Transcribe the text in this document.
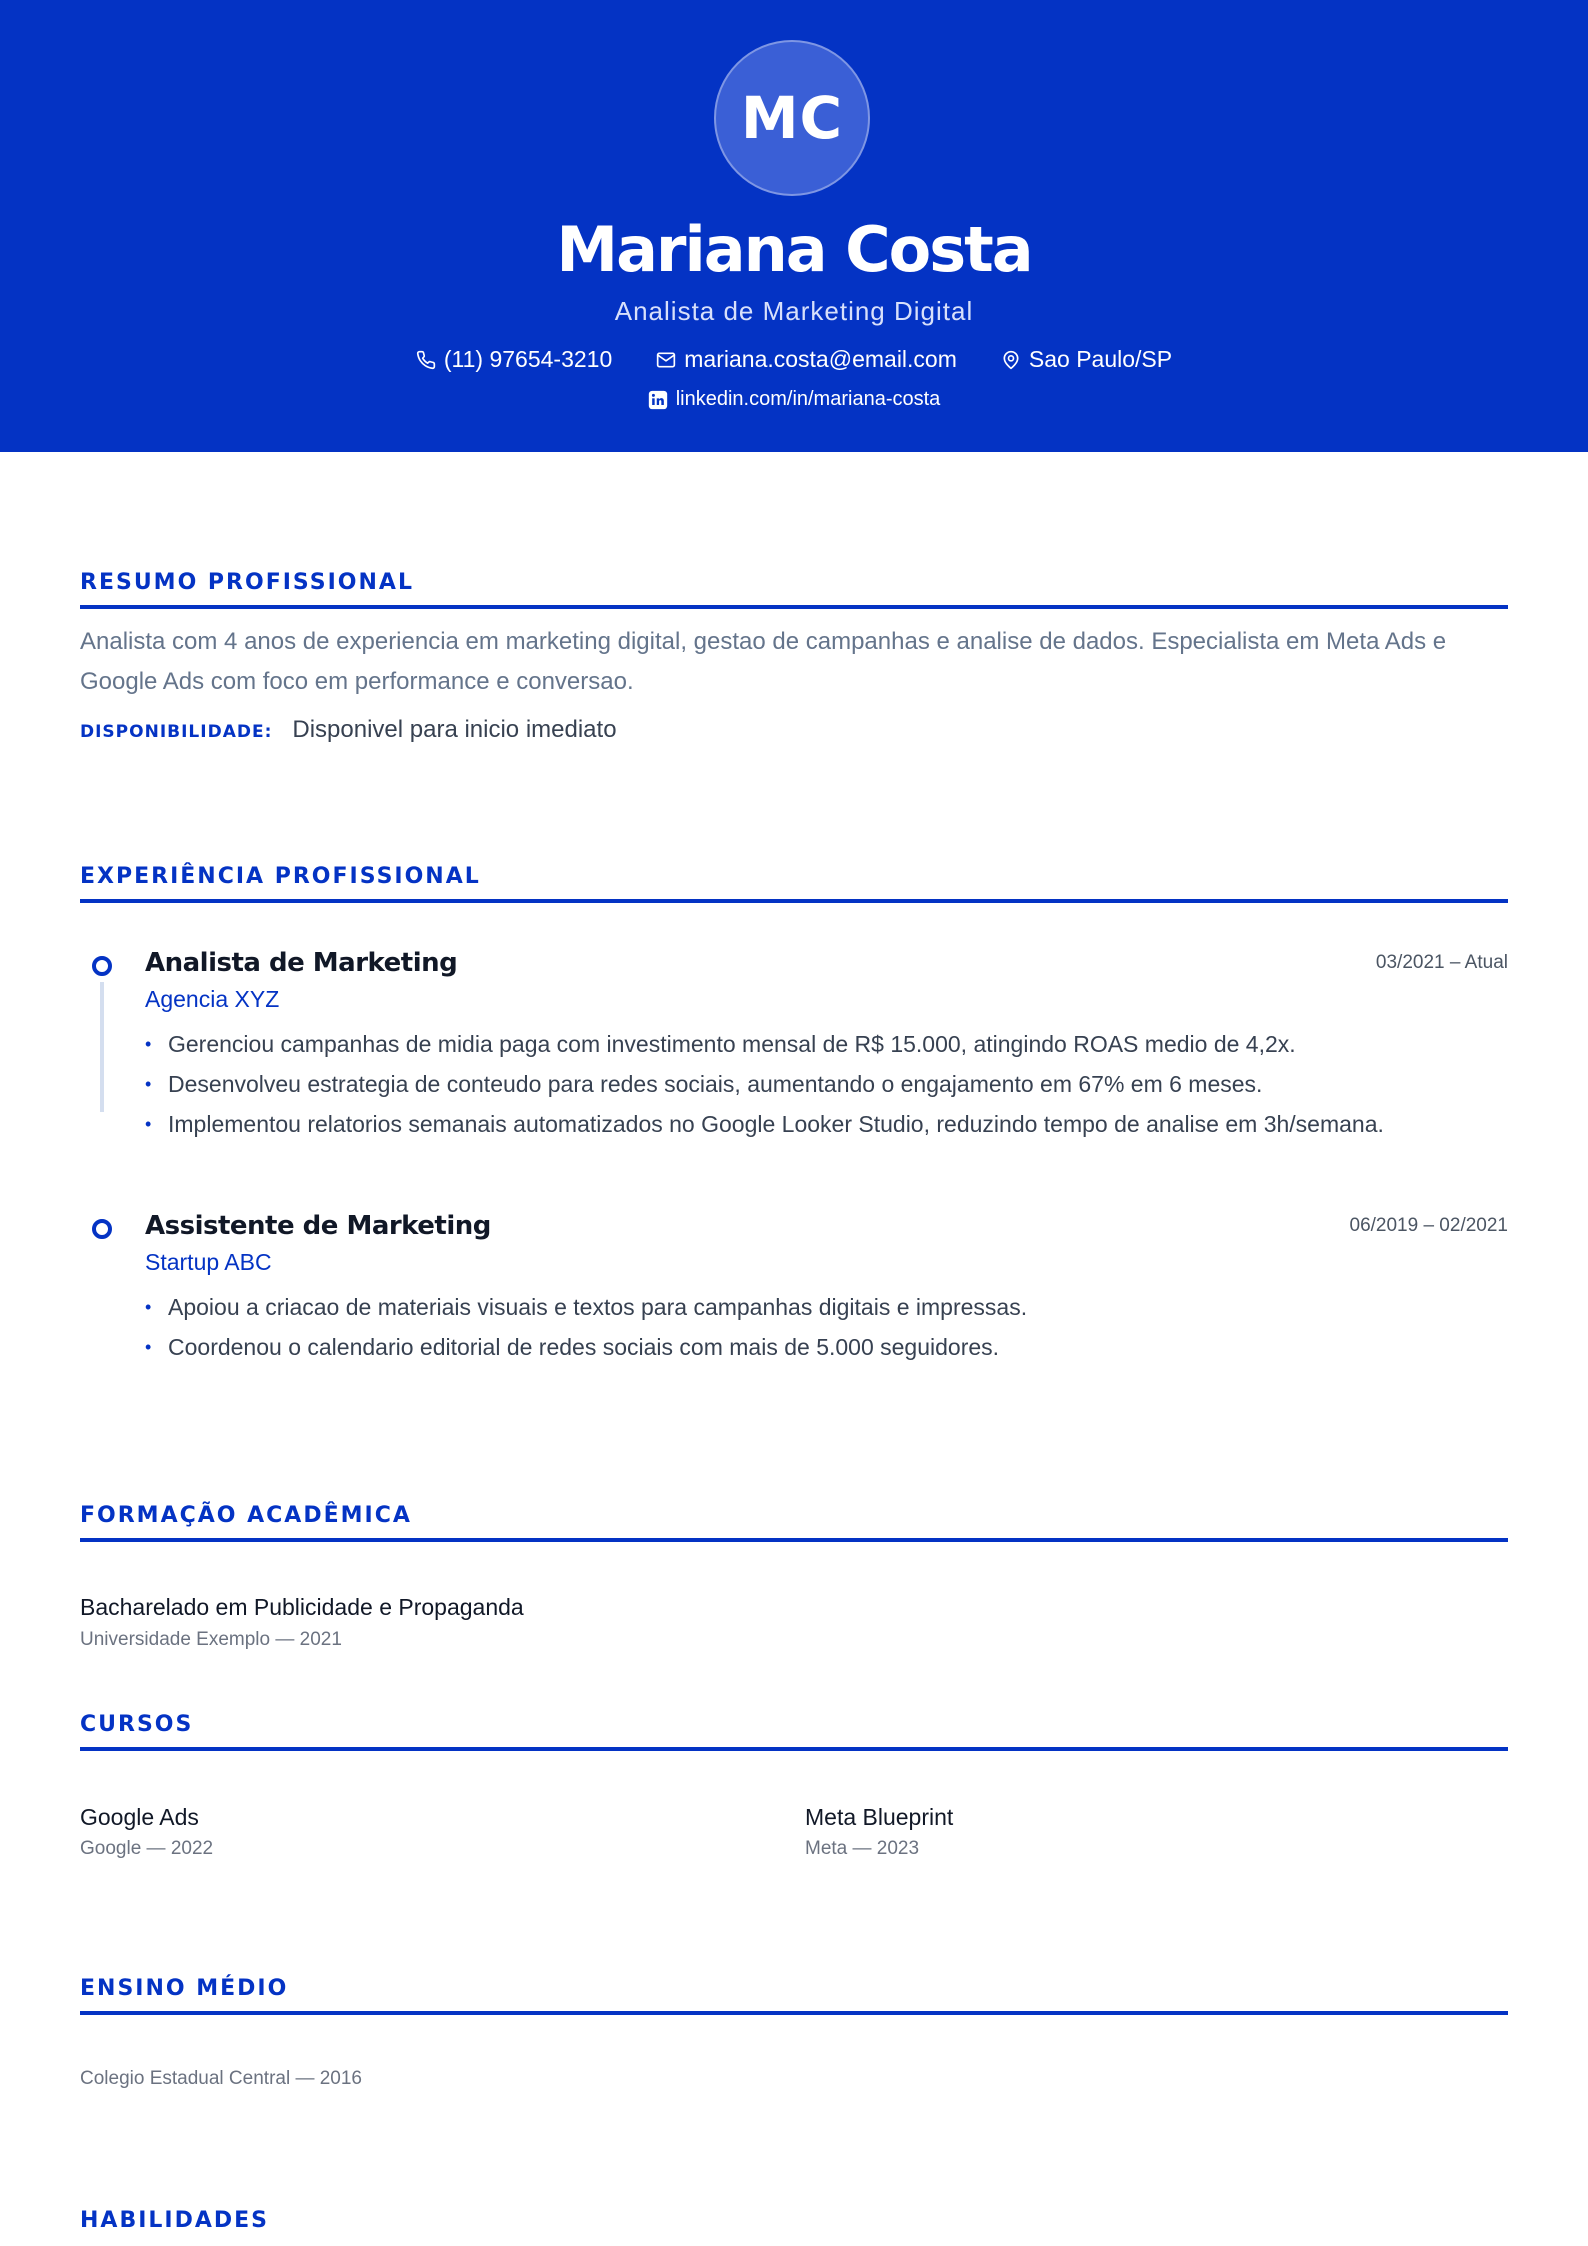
MC
Mariana Costa
Analista de Marketing Digital
(11) 97654-3210	mariana.costa@email.com	Sao Paulo/SP
linkedin.com/in/mariana-costa
RESUMO PROFISSIONAL
Analista com 4 anos de experiencia em marketing digital, gestao de campanhas e analise de dados. Especialista em Meta Ads e Google Ads com foco em performance e conversao.
DISPONIBILIDADE: Disponivel para inicio imediato
EXPERIÊNCIA PROFISSIONAL
Analista de Marketing	03/2021 – Atual
Agencia XYZ
• Gerenciou campanhas de midia paga com investimento mensal de R$ 15.000, atingindo ROAS medio de 4,2x.
• Desenvolveu estrategia de conteudo para redes sociais, aumentando o engajamento em 67% em 6 meses.
• Implementou relatorios semanais automatizados no Google Looker Studio, reduzindo tempo de analise em 3h/semana.
Assistente de Marketing	06/2019 – 02/2021
Startup ABC
• Apoiou a criacao de materiais visuais e textos para campanhas digitais e impressas.
• Coordenou o calendario editorial de redes sociais com mais de 5.000 seguidores.
FORMAÇÃO ACADÊMICA
Bacharelado em Publicidade e Propaganda
Universidade Exemplo — 2021
CURSOS
Google Ads
Google — 2022
Meta Blueprint
Meta — 2023
ENSINO MÉDIO
Colegio Estadual Central — 2016
HABILIDADES
